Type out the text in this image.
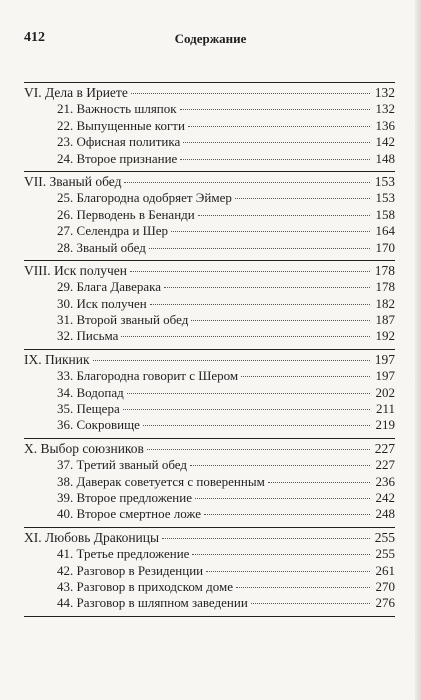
412	Содержание
VI. Дела в Ириете	132
21. Важность шляпок	132
22. Выпущенные когти	136
23. Офисная политика	142
24. Второе признание	148
VII. Званый обед	153
25. Благородна одобряет Эймер	153
26. Перводень в Бенанди	158
27. Селендра и Шер	164
28. Званый обед	170
VIII. Иск получен	178
29. Блага Даверака	178
30. Иск получен	182
31. Второй званый обед	187
32. Письма	192
IX. Пикник	197
33. Благородна говорит с Шером	197
34. Водопад	202
35. Пещера	211
36. Сокровище	219
X. Выбор союзников	227
37. Третий званый обед	227
38. Даверак советуется с поверенным	236
39. Второе предложение	242
40. Второе смертное ложе	248
XI. Любовь Драконицы	255
41. Третье предложение	255
42. Разговор в Резиденции	261
43. Разговор в приходском доме	270
44. Разговор в шляпном заведении	276
